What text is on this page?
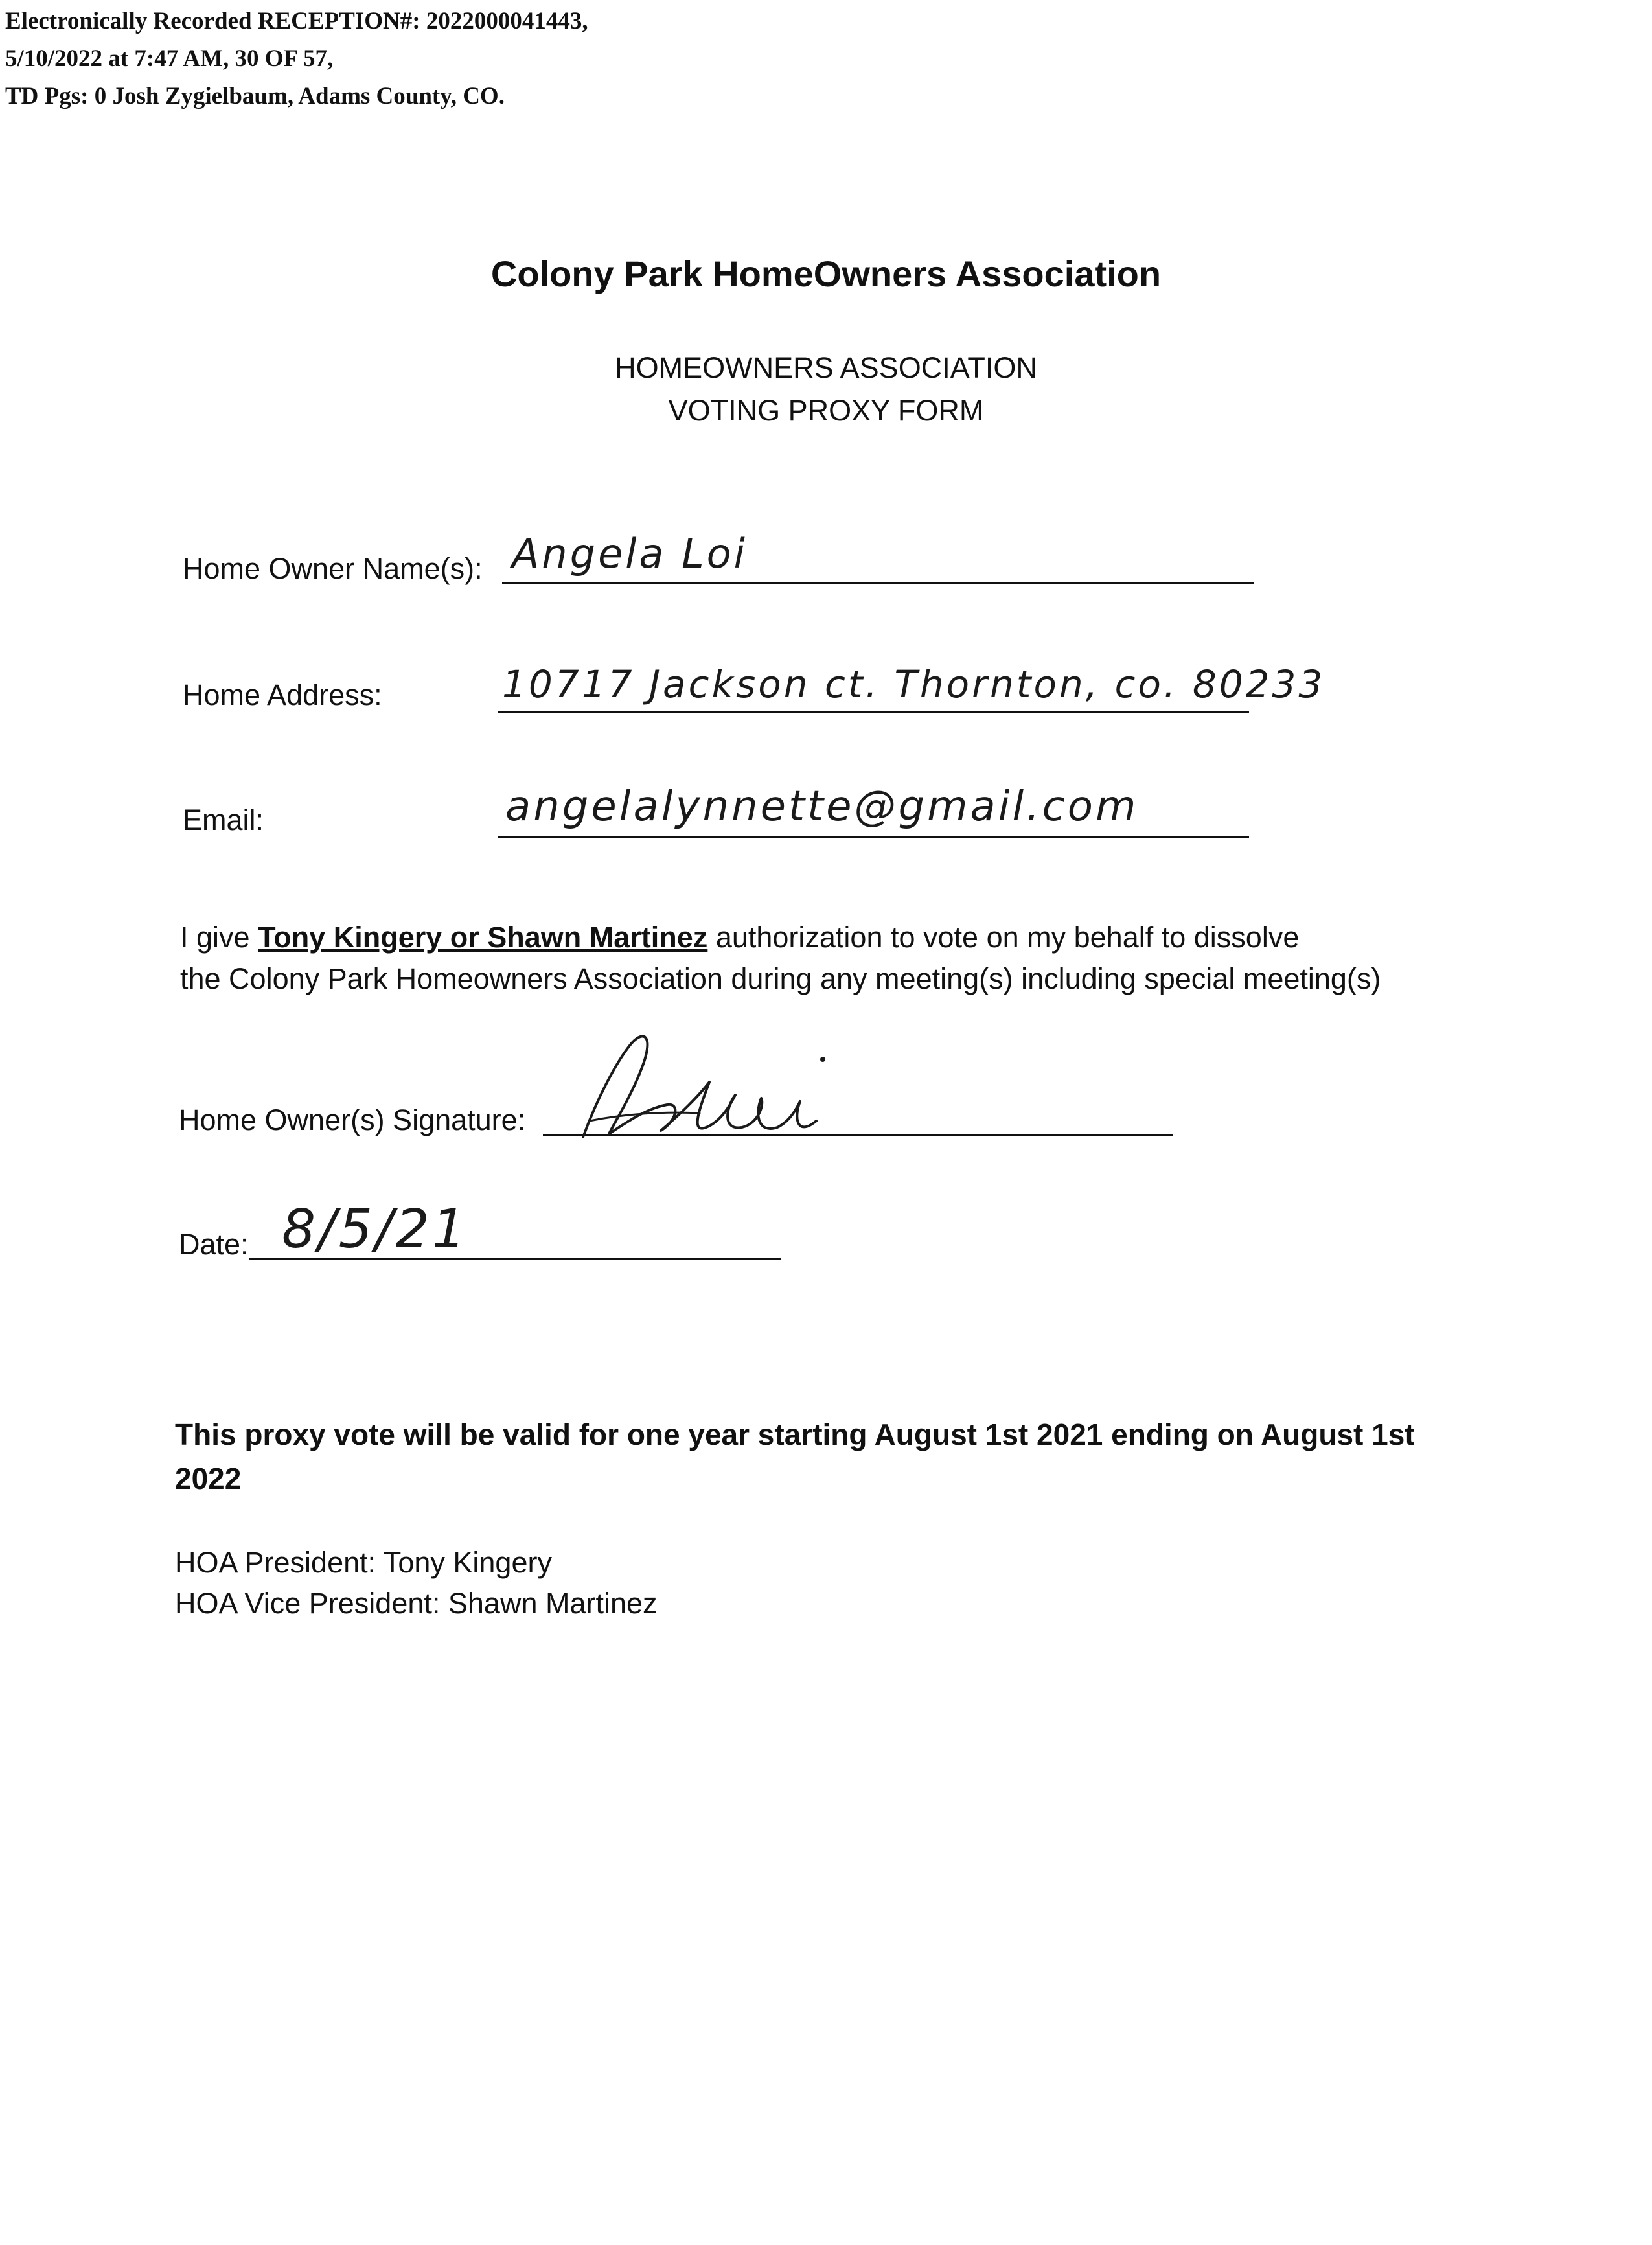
Electronically Recorded RECEPTION#: 2022000041443,
5/10/2022 at 7:47 AM, 30 OF 57,
TD Pgs: 0 Josh Zygielbaum, Adams County, CO.
Colony Park HomeOwners Association
HOMEOWNERS ASSOCIATION
VOTING PROXY FORM
Home Owner Name(s): Angela Loi
Home Address:	10717 Jackson ct. Thornton, co. 80233
Email:	angelalynnette@gmail.com
I give Tony Kingery or Shawn Martinez authorization to vote on my behalf to dissolve
the Colony Park Homeowners Association during any meeting(s) including special meeting(s)
Home Owner(s) Signature:
Date: 8/5/21
This proxy vote will be valid for one year starting August 1st 2021 ending on August 1st 2022
HOA President: Tony Kingery
HOA Vice President: Shawn Martinez
